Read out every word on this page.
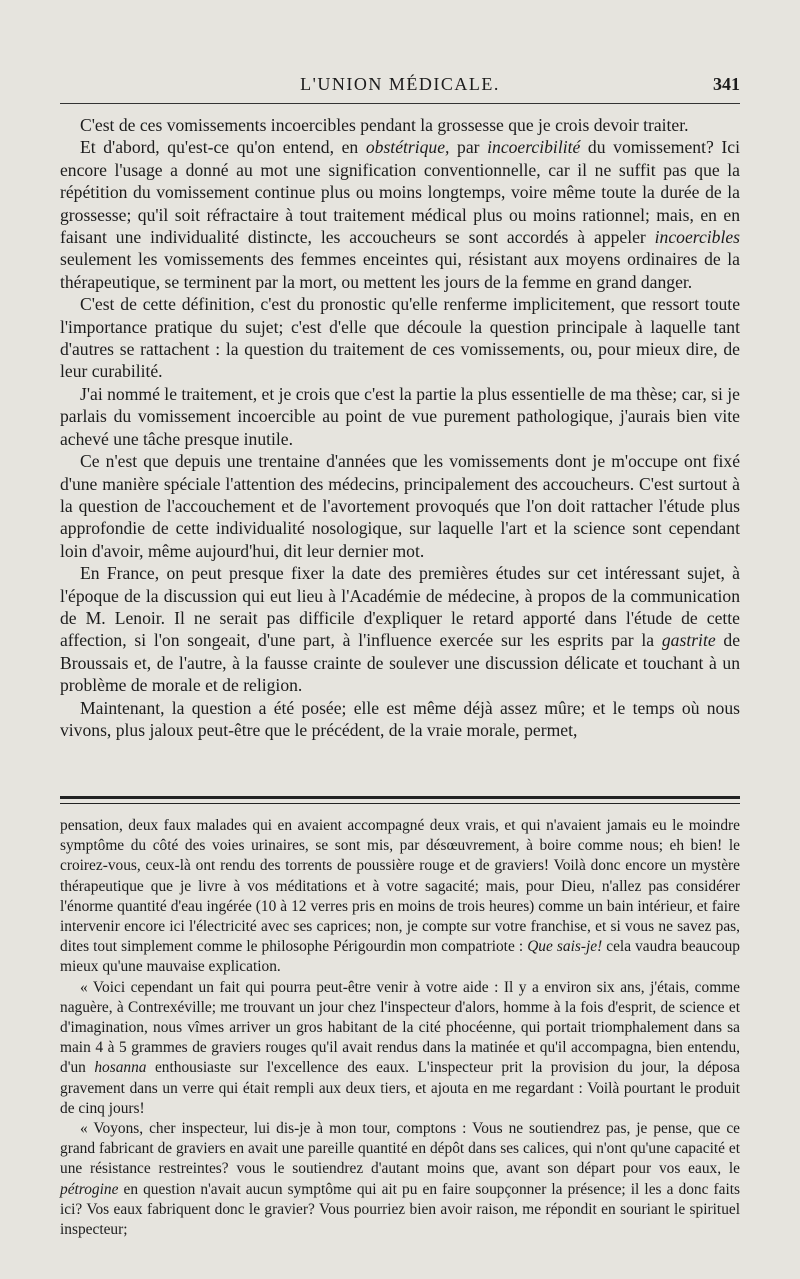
L'UNION MÉDICALE.	341

C'est de ces vomissements incoercibles pendant la grossesse que je crois devoir traiter.

Et d'abord, qu'est-ce qu'on entend, en obstétrique, par incoercibilité du vomissement? Ici encore l'usage a donné au mot une signification conventionnelle, car il ne suffit pas que la répétition du vomissement continue plus ou moins longtemps, voire même toute la durée de la grossesse; qu'il soit réfractaire à tout traitement médical plus ou moins rationnel; mais, en en faisant une individualité distincte, les accoucheurs se sont accordés à appeler incoercibles seulement les vomissements des femmes enceintes qui, résistant aux moyens ordinaires de la thérapeutique, se terminent par la mort, ou mettent les jours de la femme en grand danger.

C'est de cette définition, c'est du pronostic qu'elle renferme implicitement, que ressort toute l'importance pratique du sujet; c'est d'elle que découle la question principale à laquelle tant d'autres se rattachent : la question du traitement de ces vomissements, ou, pour mieux dire, de leur curabilité.

J'ai nommé le traitement, et je crois que c'est la partie la plus essentielle de ma thèse; car, si je parlais du vomissement incoercible au point de vue purement pathologique, j'aurais bien vite achevé une tâche presque inutile.

Ce n'est que depuis une trentaine d'années que les vomissements dont je m'occupe ont fixé d'une manière spéciale l'attention des médecins, principalement des accoucheurs. C'est surtout à la question de l'accouchement et de l'avortement provoqués que l'on doit rattacher l'étude plus approfondie de cette individualité nosologique, sur laquelle l'art et la science sont cependant loin d'avoir, même aujourd'hui, dit leur dernier mot.

En France, on peut presque fixer la date des premières études sur cet intéressant sujet, à l'époque de la discussion qui eut lieu à l'Académie de médecine, à propos de la communication de M. Lenoir. Il ne serait pas difficile d'expliquer le retard apporté dans l'étude de cette affection, si l'on songeait, d'une part, à l'influence exercée sur les esprits par la gastrite de Broussais et, de l'autre, à la fausse crainte de soulever une discussion délicate et touchant à un problème de morale et de religion.

Maintenant, la question a été posée; elle est même déjà assez mûre; et le temps où nous vivons, plus jaloux peut-être que le précédent, de la vraie morale, permet,

pensation, deux faux malades qui en avaient accompagné deux vrais, et qui n'avaient jamais eu le moindre symptôme du côté des voies urinaires, se sont mis, par désœuvrement, à boire comme nous; eh bien! le croirez-vous, ceux-là ont rendu des torrents de poussière rouge et de graviers! Voilà donc encore un mystère thérapeutique que je livre à vos méditations et à votre sagacité; mais, pour Dieu, n'allez pas considérer l'énorme quantité d'eau ingérée (10 à 12 verres pris en moins de trois heures) comme un bain intérieur, et faire intervenir encore ici l'électricité avec ses caprices; non, je compte sur votre franchise, et si vous ne savez pas, dites tout simplement comme le philosophe Périgourdin mon compatriote : Que sais-je! cela vaudra beaucoup mieux qu'une mauvaise explication.

« Voici cependant un fait qui pourra peut-être venir à votre aide : Il y a environ six ans, j'étais, comme naguère, à Contrexéville; me trouvant un jour chez l'inspecteur d'alors, homme à la fois d'esprit, de science et d'imagination, nous vîmes arriver un gros habitant de la cité phocéenne, qui portait triomphalement dans sa main 4 à 5 grammes de graviers rouges qu'il avait rendus dans la matinée et qu'il accompagna, bien entendu, d'un hosanna enthousiaste sur l'excellence des eaux. L'inspecteur prit la provision du jour, la déposa gravement dans un verre qui était rempli aux deux tiers, et ajouta en me regardant : Voilà pourtant le produit de cinq jours!

« Voyons, cher inspecteur, lui dis-je à mon tour, comptons : Vous ne soutiendrez pas, je pense, que ce grand fabricant de graviers en avait une pareille quantité en dépôt dans ses calices, qui n'ont qu'une capacité et une résistance restreintes? vous le soutiendrez d'autant moins que, avant son départ pour vos eaux, le pétrogine en question n'avait aucun symptôme qui ait pu en faire soupçonner la présence; il les a donc faits ici? Vos eaux fabriquent donc le gravier? Vous pourriez bien avoir raison, me répondit en souriant le spirituel inspecteur;
